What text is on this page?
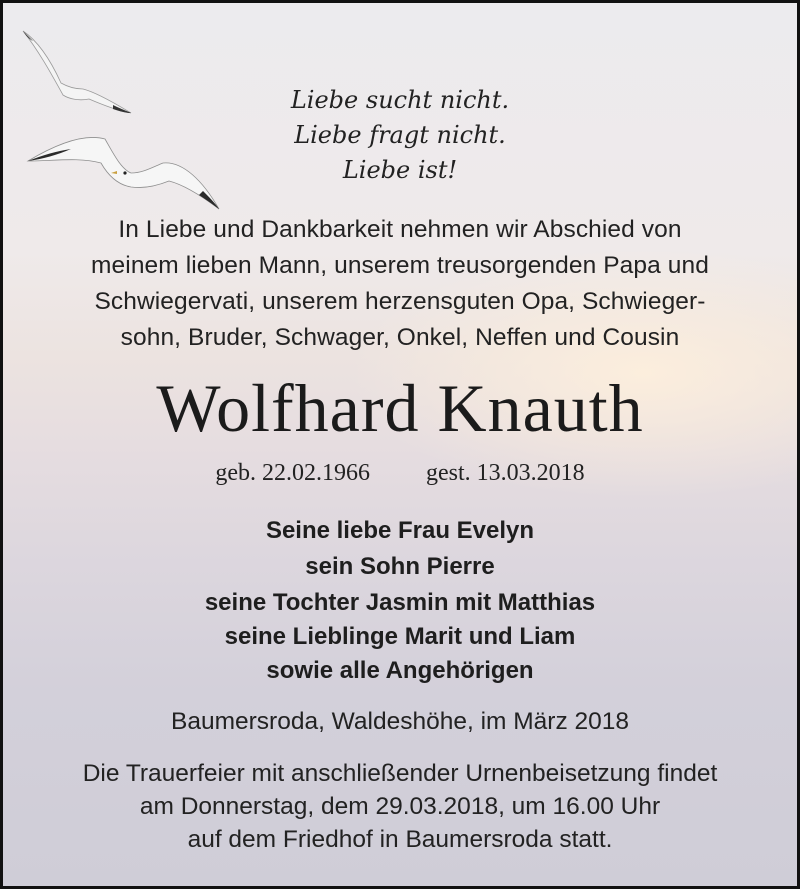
Liebe sucht nicht.
Liebe fragt nicht.
Liebe ist!
In Liebe und Dankbarkeit nehmen wir Abschied von
meinem lieben Mann, unserem treusorgenden Papa und
Schwiegervati, unserem herzensguten Opa, Schwieger-
sohn, Bruder, Schwager, Onkel, Neffen und Cousin
Wolfhard Knauth
geb. 22.02.1966 gest. 13.03.2018
Seine liebe Frau Evelyn
sein Sohn Pierre
seine Tochter Jasmin mit Matthias
seine Lieblinge Marit und Liam
sowie alle Angehörigen
Baumersroda, Waldeshöhe, im März 2018
Die Trauerfeier mit anschließender Urnenbeisetzung findet
am Donnerstag, dem 29.03.2018, um 16.00 Uhr
auf dem Friedhof in Baumersroda statt.
